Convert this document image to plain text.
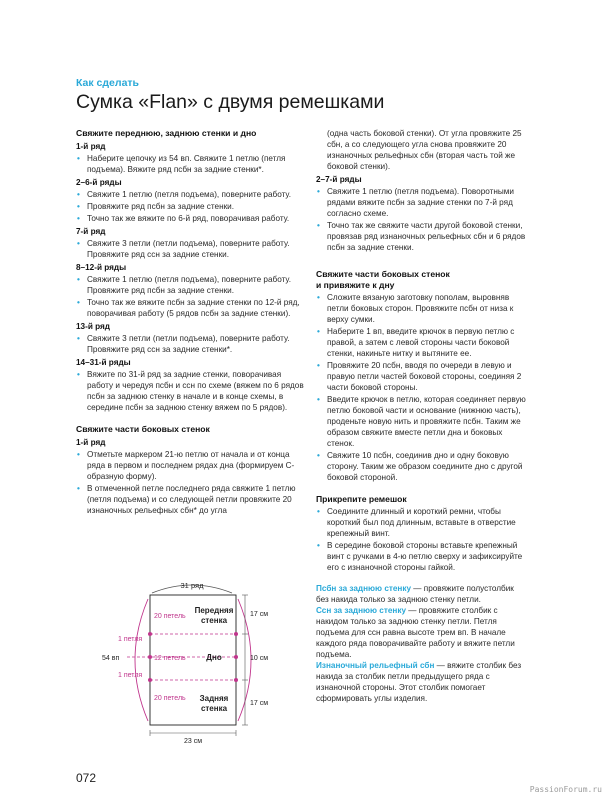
Как сделать
Сумка «Flan» с двумя ремешками
Свяжите переднюю, заднюю стенки и дно
1-й ряд
• Наберите цепочку из 54 вп. Свяжите 1 петлю (петля подъема). Вяжите ряд псбн за задние стенки*.
2–6-й ряды
• Свяжите 1 петлю (петля подъема), поверните работу.
• Провяжите ряд псбн за задние стенки.
• Точно так же вяжите по 6-й ряд, поворачивая работу.
7-й ряд
• Свяжите 3 петли (петли подъема), поверните работу. Провяжите ряд ссн за задние стенки.
8–12-й ряды
• Свяжите 1 петлю (петля подъема), поверните работу. Провяжите ряд псбн за задние стенки.
• Точно так же вяжите псбн за задние стенки по 12-й ряд, поворачивая работу (5 рядов псбн за задние стенки).
13-й ряд
• Свяжите 3 петли (петли подъема), поверните работу. Провяжите ряд ссн за задние стенки*.
14–31-й ряды
• Вяжите по 31-й ряд за задние стенки, поворачивая работу и чередуя псбн и ссн по схеме (вяжем по 6 рядов псбн за заднюю стенку в начале и в конце схемы, в середине псбн за заднюю стенку вяжем по 5 рядов).
Свяжите части боковых стенок
1-й ряд
• Отметьте маркером 21-ю петлю от начала и от конца ряда в первом и последнем рядах дна (формируем С-образную форму).
• В отмеченной петле последнего ряда свяжите 1 петлю (петля подъема) и со следующей петли провяжите 20 изнаночных рельефных сбн* до угла

(одна часть боковой стенки). От угла провяжите 25 сбн, а со следующего угла снова провяжите 20 изнаночных рельефных сбн (вторая часть той же боковой стенки).

2–7-й ряды
• Свяжите 1 петлю (петля подъема). Поворотными рядами вяжите псбн за задние стенки по 7-й ряд согласно схеме.
• Точно так же свяжите части другой боковой стенки, провязав ряд изнаночных рельефных сбн и 6 рядов псбн за задние стенки.
Свяжите части боковых стенок
и привяжите к дну
• Сложите вязаную заготовку пополам, выровняв петли боковых сторон. Провяжите псбн от низа к верху сумки.
• Наберите 1 вп, введите крючок в первую петлю с правой, а затем с левой стороны части боковой стенки, накиньте нитку и вытяните ее.
• Провяжите 20 псбн, вводя по очереди в левую и правую петли частей боковой стороны, соединяя 2 части боковой стороны.
• Введите крючок в петлю, которая соединяет первую петлю боковой части и основание (нижнюю часть), проденьте новую нить и провяжите псбн. Таким же образом свяжите вместе петли дна и боковых стенок.
• Свяжите 10 псбн, соединив дно и одну боковую сторону. Таким же образом соедините дно с другой боковой стороной.
Прикрепите ремешок
• Соедините длинный и короткий ремни, чтобы короткий был под длинным, вставьте в отверстие крепежный винт.
• В середине боковой стороны вставьте крепежный винт с ручками в 4-ю петлю сверху и зафиксируйте его с изнаночной стороны гайкой.

Псбн за заднюю стенку — провяжите полустолбик без накида только за заднюю стенку петли.

Ссн за заднюю стенку — провяжите столбик с накидом только за заднюю стенку петли. Петля подъема для ссн равна высоте трем вп. В начале каждого ряда поворачивайте работу и вяжите петли подъема.

Изнаночный рельефный сбн — вяжите столбик без накида за столбик петли предыдущего ряда с изнаночной стороны. Этот столбик помогает сформировать углы изделия.

31 ряд
20 петель
1 петля
54 вп	12 петель
1 петля
20 петель
Передняя
стенка
Дно
Задняя
стенка
17 см
10 см
17 см
23 см
072
PassionForum.ru
